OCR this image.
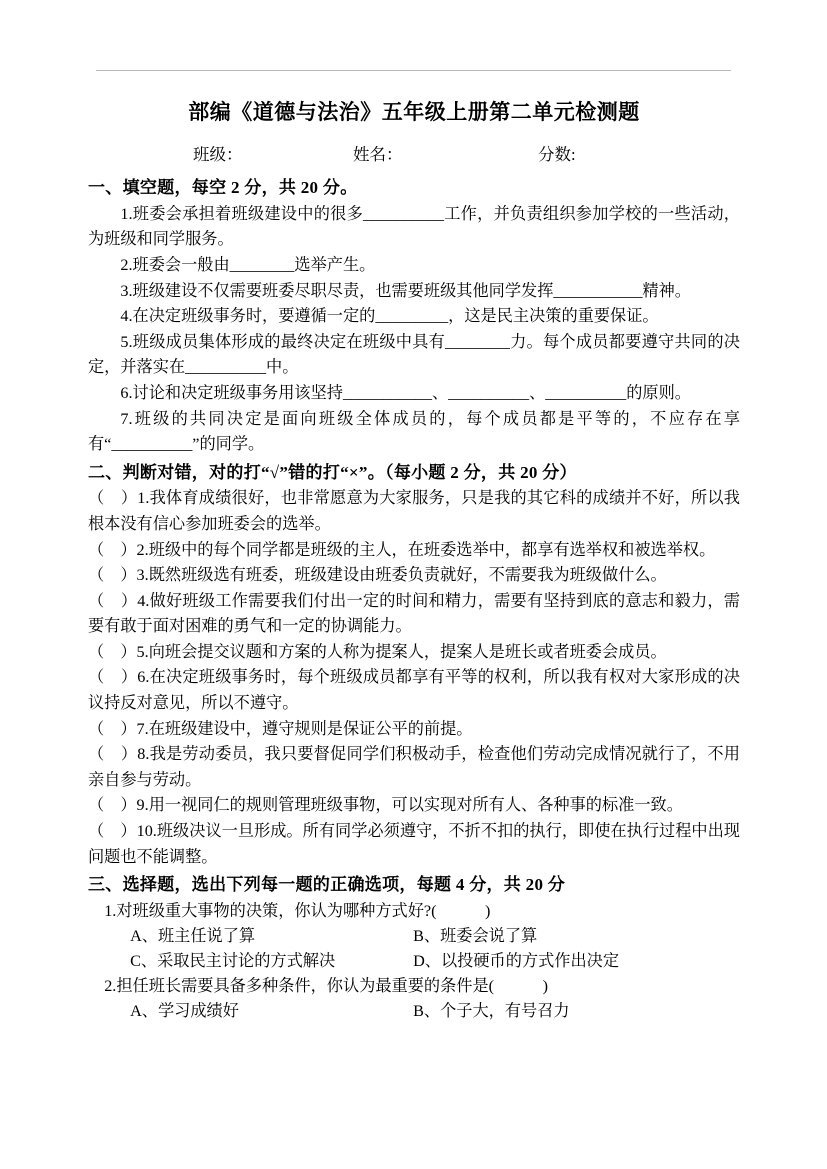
部编《道德与法治》五年级上册第二单元检测题
班级：	姓名：	分数:
一、填空题，每空 2 分，共 20 分。

1.班委会承担着班级建设中的很多__________工作，并负责组织参加学校的一些活动，为班级和同学服务。

2.班委会一般由________选举产生。

3.班级建设不仅需要班委尽职尽责，也需要班级其他同学发挥___________精神。

4.在决定班级事务时，要遵循一定的_________，这是民主决策的重要保证。

5.班级成员集体形成的最终决定在班级中具有________力。每个成员都要遵守共同的决定，并落实在__________中。

6.讨论和决定班级事务用该坚持___________、__________、__________的原则。

7.班级的共同决定是面向班级全体成员的，每个成员都是平等的，不应存在享有“__________”的同学。

二、判断对错，对的打“√”错的打“×”。（每小题 2 分，共 20 分）

（　）1.我体育成绩很好，也非常愿意为大家服务，只是我的其它科的成绩并不好，所以我根本没有信心参加班委会的选举。

（　）2.班级中的每个同学都是班级的主人，在班委选举中，都享有选举权和被选举权。

（　）3.既然班级选有班委，班级建设由班委负责就好，不需要我为班级做什么。

（　）4.做好班级工作需要我们付出一定的时间和精力，需要有坚持到底的意志和毅力，需要有敢于面对困难的勇气和一定的协调能力。

（　）5.向班会提交议题和方案的人称为提案人，提案人是班长或者班委会成员。

（　）6.在决定班级事务时，每个班级成员都享有平等的权利，所以我有权对大家形成的决议持反对意见，所以不遵守。

（　）7.在班级建设中，遵守规则是保证公平的前提。

（　）8.我是劳动委员，我只要督促同学们积极动手，检查他们劳动完成情况就行了，不用亲自参与劳动。

（　）9.用一视同仁的规则管理班级事物，可以实现对所有人、各种事的标准一致。

（　）10.班级决议一旦形成。所有同学必须遵守，不折不扣的执行，即使在执行过程中出现问题也不能调整。

三、选择题，选出下列每一题的正确选项，每题 4 分，共 20 分

1.对班级重大事物的决策，你认为哪种方式好?(　　　)

A、班主任说了算	B、班委会说了算
C、采取民主讨论的方式解决	D、以投硬币的方式作出决定

2.担任班长需要具备多种条件，你认为最重要的条件是(　　　)

A、学习成绩好	B、个子大，有号召力
